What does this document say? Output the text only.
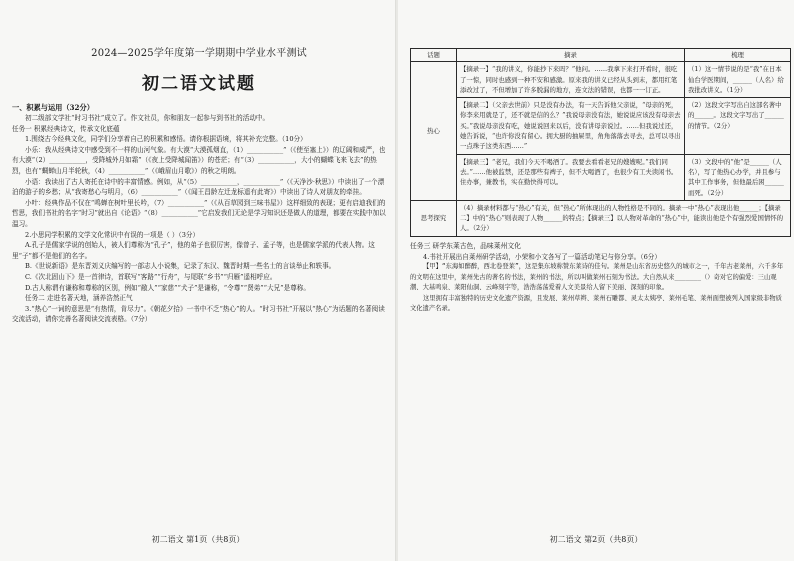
2024—2025学年度第一学期期中学业水平测试

初二语文试题

一、积累与运用（32分）

初二级部文学社“时习书社”成立了。作文社员，你和朋友一起参与到书社的活动中。

任务一 积累经典诗文，传承文化底蕴

1.围绕古今经典文化，同学们分享着自己的积累和感悟。请你根据语境，将其补充完整。（10分）

小乐：我从经典诗文中感受到不一样的山河气象。有大漠“大漠孤烟直，（1）___________”（《使至塞上》）的辽阔和威严，也有大漠“（2）___________，受降城外月如霜”（《夜上受降城闻笛》）的苍茫；有“（3）___________，大小的蝴蝶飞来飞去”的热烈，也有“蜩蝉山月半轮秋，（4）___________”（《峨眉山月歌》）的秋之明朗。

小语：我读出了古人寄托在诗中的丰富情感。例如，从“（5）___________，___________”（《天净沙·秋思》）中读出了一个漂泊的游子的乡愁；从“我寄愁心与明月，（6）___________”（《闻王昌龄左迁龙标遥有此寄》）中读出了诗人对朋友的牵挂。

小叶：经典作品不仅在“鸣蝉在树叶里长吟，（7）___________”（《从百草园到三味书屋》）这样细致的表现；更有启迪我们的哲思，我们书社的名字“时习”就出自《论语》“（8）___________”它启发我们无论是学习知识还是做人的道理，都要在实践中加以温习。

2.小思同学积累的文学文化常识中有误的一项是（ ）（3分）

A.孔子是儒家学说的创始人，被人们尊称为“孔子”，他的弟子也很厉害，像曾子、孟子等，也是儒家学派的代表人物。这里“子”都不是他们的名字。

B.《世说新语》是东晋刘义庆编写的一部志人小说集，记录了东汉、魏晋时期一些名士的言谈举止和轶事。

C.《次北固山下》是一首律诗，首联写“客路”“行舟”，与尾联“乡书”“归雁”遥相呼应。

D.古人称谓有谦称和尊称的区别，例如“敝人”“家慈”“犬子”是谦称，“令尊”“贤弟”“大兄”是尊称。

任务二 走进名著天地，涵养浩然正气

3.“热心”一词的意思是“有热情，肯尽力”。《朝花夕拾》一书中不乏“热心”的人。“时习书社”开展以“热心”为话题的名著阅读交流活动，请你完善名著阅读交流表格。（7分）

初二语文 第1页（共8页）
话题	摘录	梳理
热心	【摘录一】“我的讲义，你能抄下来吗？”他问。……我拿下来打开看时，很吃了一惊，同时也感到一种不安和感激。原来我的讲义已经从头到末，都用红笔添改过了，不但增加了许多脱漏的地方，连文法的错误，也都一一订正。	（1）这一情节说的是“我”在日本仙台学医期间，______（人名）给我批改讲义。（1分）
	【摘录二】（父亲去世前）只是没有办法，有一天告诉他父亲说，“母亲的死，你李来用就是了，还不就是信的么？”我说母亲没有法，她说说应该没有母亲去买。”我说母亲没有吃，她说说回来以后，没有讲母亲说过。……但我说过还，她告诉说，“也许你没有留心。拥大厨的抽屉里，角角落落去寻去，总可以寻出一点珠子这类东西……”	（2）这段文字写出自这部名著中的______。这段文字写出了______的情节。（2分）
	【摘录三】“老兄，我们今天不喝酒了。我要去看看老兄的嫂嫂呢。”我们同去。”……他被监禁，还是那些有裨子，但不大喝酒了，也很少有工夫读闲书。住办事，兼教书，实在勤快得可以。	（3）文段中的“他”是______（人名），写了他热心办学，并且参与其中工作事务，但他最后困______而死。（2分）
思考探究	（4）摘录材料都与“热心”有关，但“热心”所体现出的人物性格是不同的。摘录一中“热心”表现出他______；【摘录二】中的“热心”则表现了人物______的特点；【摘录三】以人物对革命的“热心”中，能读出他是个有强烈爱国情怀的人。（2分）	

任务三 研学东莱古色，品味莱州文化

4.书社开展出自莱州研学活动，小荣和小文各写了一篇活动笔记与你分享。（6分）

【甲】“东海如醉醉，西北卷登莱”，这是集东坡称赞东莱诗的佳句。莱州是山东省历史悠久的城市之一，千年古老莱州，六千多年的文明在这里中，莱州先古的著名的书法，莱州的书法，所以叫做莱州石刻为书法。大自然从来_______（）奇对它的偏爱：三山观潮、大基鸣泉、莱阳仙洞、云峰刻字等，浩浩荡荡爱着人文美景给人留下美丽、深刻的印象。

这里拥有丰富独特的历史文化遗产资源，且发展、莱州草辫、莱州石雕都、灵太太姨亭、莱州毛笔、莱州面塑被列入国家级非物质文化遗产名录。

初二语文 第2页（共8页）
